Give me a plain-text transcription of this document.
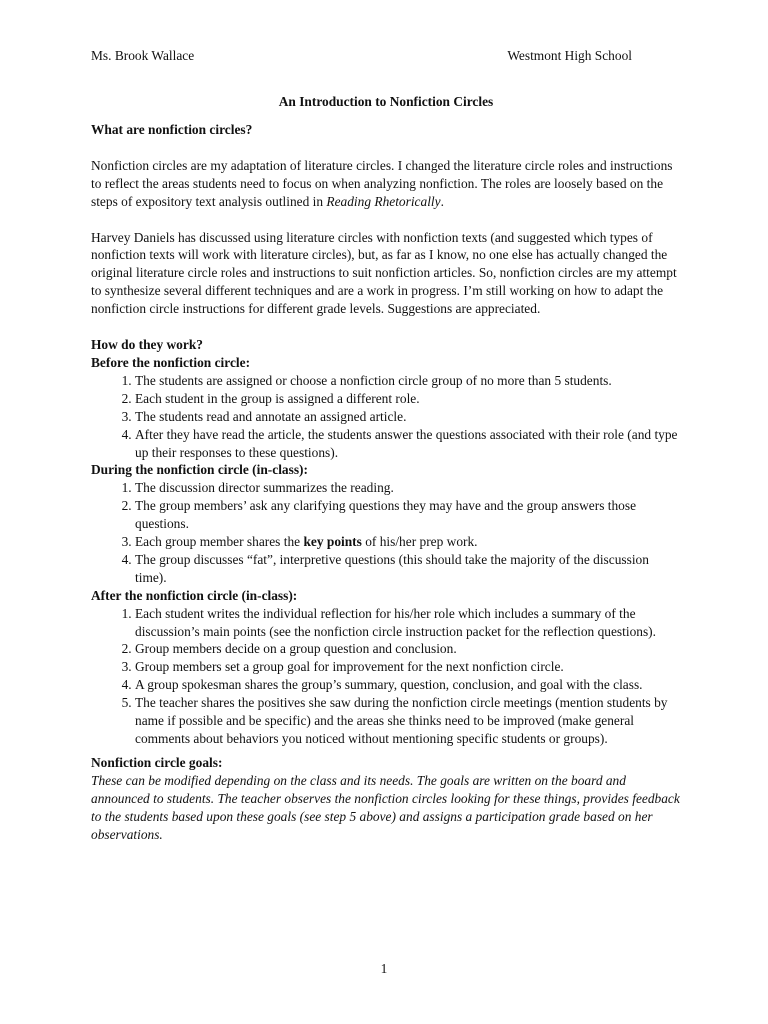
Ms. Brook Wallace	Westmont High School
An Introduction to Nonfiction Circles
What are nonfiction circles?

Nonfiction circles are my adaptation of literature circles. I changed the literature circle roles and instructions to reflect the areas students need to focus on when analyzing nonfiction. The roles are loosely based on the steps of expository text analysis outlined in Reading Rhetorically.

Harvey Daniels has discussed using literature circles with nonfiction texts (and suggested which types of nonfiction texts will work with literature circles), but, as far as I know, no one else has actually changed the original literature circle roles and instructions to suit nonfiction articles. So, nonfiction circles are my attempt to synthesize several different techniques and are a work in progress. I’m still working on how to adapt the nonfiction circle instructions for different grade levels. Suggestions are appreciated.

How do they work?
Before the nonfiction circle:
1. The students are assigned or choose a nonfiction circle group of no more than 5 students.
2. Each student in the group is assigned a different role.
3. The students read and annotate an assigned article.
4. After they have read the article, the students answer the questions associated with their role (and type up their responses to these questions).
During the nonfiction circle (in-class):
1. The discussion director summarizes the reading.
2. The group members’ ask any clarifying questions they may have and the group answers those questions.
3. Each group member shares the key points of his/her prep work.
4. The group discusses “fat”, interpretive questions (this should take the majority of the discussion time).
After the nonfiction circle (in-class):
1. Each student writes the individual reflection for his/her role which includes a summary of the discussion’s main points (see the nonfiction circle instruction packet for the reflection questions).
2. Group members decide on a group question and conclusion.
3. Group members set a group goal for improvement for the next nonfiction circle.
4. A group spokesman shares the group’s summary, question, conclusion, and goal with the class.
5. The teacher shares the positives she saw during the nonfiction circle meetings (mention students by name if possible and be specific) and the areas she thinks need to be improved (make general comments about behaviors you noticed without mentioning specific students or groups).
Nonfiction circle goals:

These can be modified depending on the class and its needs. The goals are written on the board and announced to students. The teacher observes the nonfiction circles looking for these things, provides feedback to the students based upon these goals (see step 5 above) and assigns a participation grade based on her observations.

1
